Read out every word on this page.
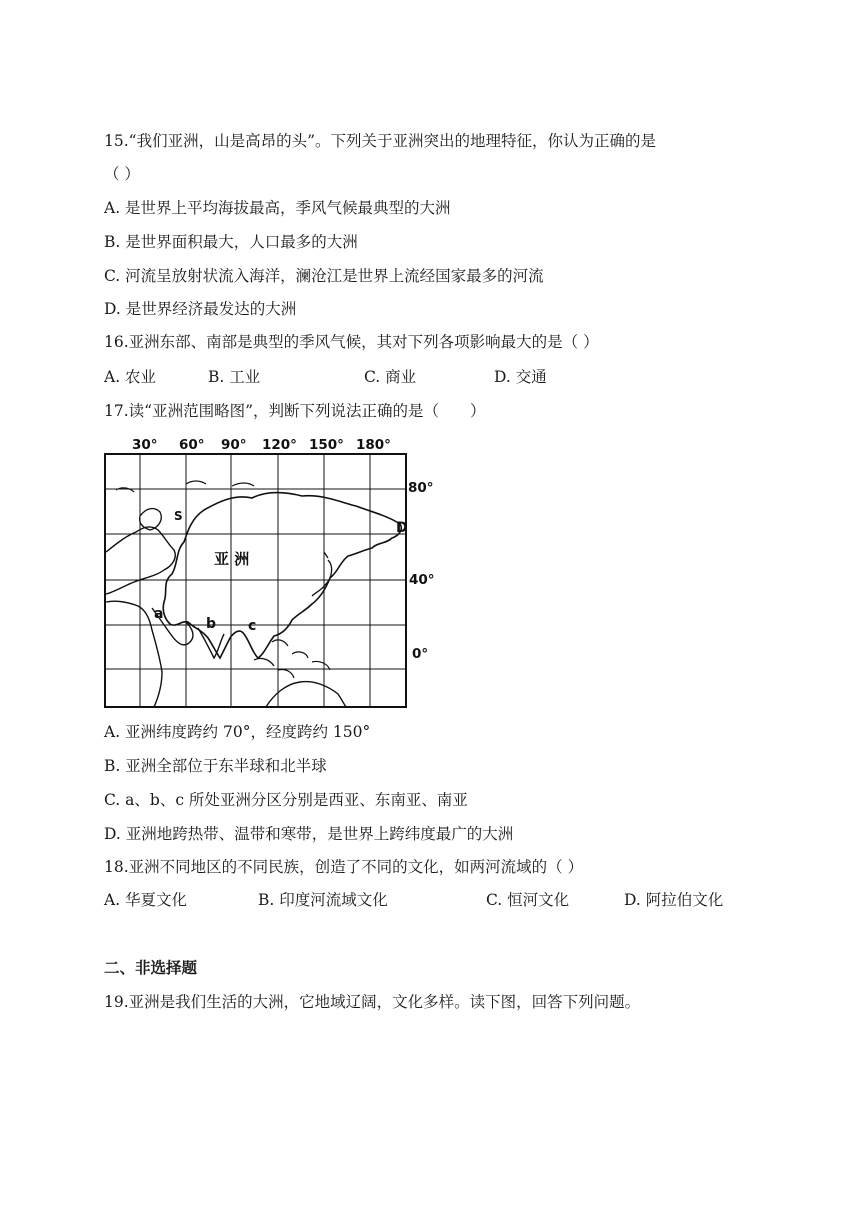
15.“我们亚洲，山是高昂的头”。下列关于亚洲突出的地理特征，你认为正确的是
（ ）
A. 是世界上平均海拔最高，季风气候最典型的大洲
B. 是世界面积最大，人口最多的大洲
C. 河流呈放射状流入海洋，澜沧江是世界上流经国家最多的河流
D. 是世界经济最发达的大洲
16.亚洲东部、南部是典型的季风气候，其对下列各项影响最大的是（ ）
A. 农业	B. 工业	C. 商业	D. 交通
17.读“亚洲范围略图”，判断下列说法正确的是（　　）
30° 60° 90° 120° 150° 180°
亚 洲
a
b c
S
D
80°
40°
0°
A. 亚洲纬度跨约 70°，经度跨约 150°
B. 亚洲全部位于东半球和北半球
C. a、b、c 所处亚洲分区分别是西亚、东南亚、南亚
D. 亚洲地跨热带、温带和寒带，是世界上跨纬度最广的大洲
18.亚洲不同地区的不同民族，创造了不同的文化，如两河流域的（ ）
A. 华夏文化	B. 印度河流域文化	C. 恒河文化	D. 阿拉伯文化
二、非选择题
19.亚洲是我们生活的大洲，它地域辽阔，文化多样。读下图，回答下列问题。
